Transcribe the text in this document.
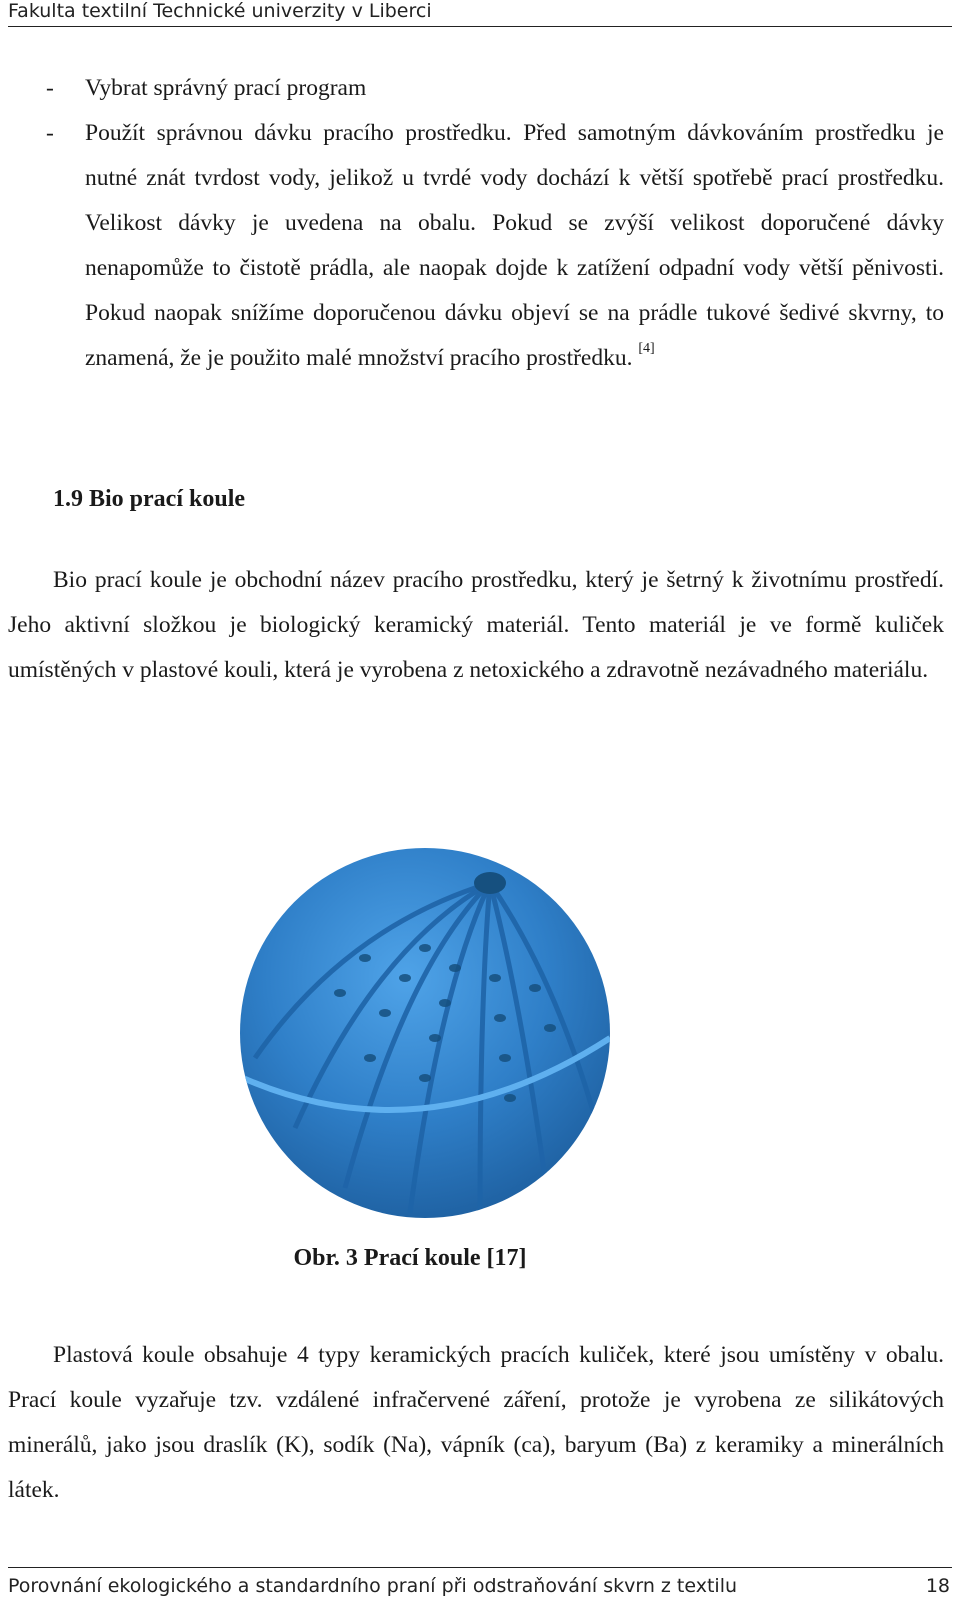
Fakulta textilní Technické univerzity v Liberci
- Vybrat správný prací program
- Použít správnou dávku pracího prostředku. Před samotným dávkováním prostředku je nutné znát tvrdost vody, jelikož u tvrdé vody dochází k větší spotřebě prací prostředku. Velikost dávky je uvedena na obalu. Pokud se zvýší velikost doporučené dávky nenapomůže to čistotě prádla, ale naopak dojde k zatížení odpadní vody větší pěnivosti. Pokud naopak snížíme doporučenou dávku objeví se na prádle tukové šedivé skvrny, to znamená, že je použito malé množství pracího prostředku. [4]
1.9 Bio prací koule
Bio prací koule je obchodní název pracího prostředku, který je šetrný k životnímu prostředí. Jeho aktivní složkou je biologický keramický materiál. Tento materiál je ve formě kuliček umístěných v plastové kouli, která je vyrobena z netoxického a zdravotně nezávadného materiálu.
Obr. 3 Prací koule [17]
Plastová koule obsahuje 4 typy keramických pracích kuliček, které jsou umístěny v obalu. Prací koule vyzařuje tzv. vzdálené infračervené záření, protože je vyrobena ze silikátových minerálů, jako jsou draslík (K), sodík (Na), vápník (ca), baryum (Ba) z keramiky a minerálních látek.
Porovnání ekologického a standardního praní při odstraňování skvrn z textilu	18
